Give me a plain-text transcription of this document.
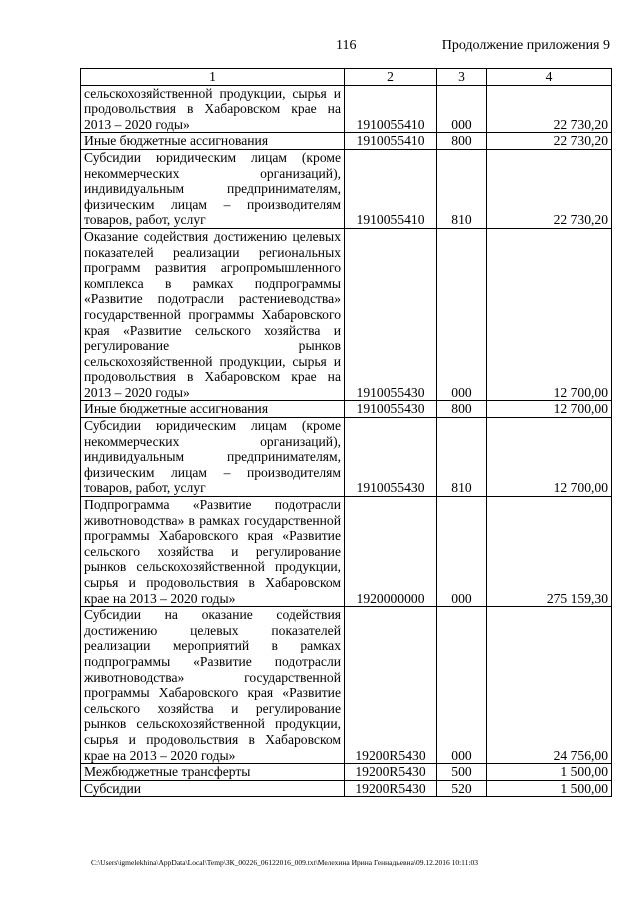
116	Продолжение приложения 9
1	2	3	4
сельскохозяйственной продукции, сырья и продовольствия в Хабаровском крае на 2013 – 2020 годы»	1910055410	000	22 730,20
Иные бюджетные ассигнования	1910055410	800	22 730,20
Субсидии юридическим лицам (кроме некоммерческих организаций), индивидуальным предпринимателям, физическим лицам – производителям товаров, работ, услуг	1910055410	810	22 730,20
Оказание содействия достижению целевых показателей реализации региональных программ развития агропромышленного комплекса в рамках подпрограммы «Развитие подотрасли растениеводства» государственной программы Хабаровского края «Развитие сельского хозяйства и регулирование рынков сельскохозяйственной продукции, сырья и продовольствия в Хабаровском крае на 2013 – 2020 годы»	1910055430	000	12 700,00
Иные бюджетные ассигнования	1910055430	800	12 700,00
Субсидии юридическим лицам (кроме некоммерческих организаций), индивидуальным предпринимателям, физическим лицам – производителям товаров, работ, услуг	1910055430	810	12 700,00
Подпрограмма «Развитие подотрасли животноводства» в рамках государственной программы Хабаровского края «Развитие сельского хозяйства и регулирование рынков сельскохозяйственной продукции, сырья и продовольствия в Хабаровском крае на 2013 – 2020 годы»	1920000000	000	275 159,30
Субсидии на оказание содействия достижению целевых показателей реализации мероприятий в рамках подпрограммы «Развитие подотрасли животноводства» государственной программы Хабаровского края «Развитие сельского хозяйства и регулирование рынков сельскохозяйственной продукции, сырья и продовольствия в Хабаровском крае на 2013 – 2020 годы»	19200R5430	000	24 756,00
Межбюджетные трансферты	19200R5430	500	1 500,00
Субсидии	19200R5430	520	1 500,00
C:\Users\igmelekhina\AppData\Local\Temp\ЗК_00226_06122016_009.txt\Мелехина Ирина Геннадьевна\09.12.2016 10:11:03
